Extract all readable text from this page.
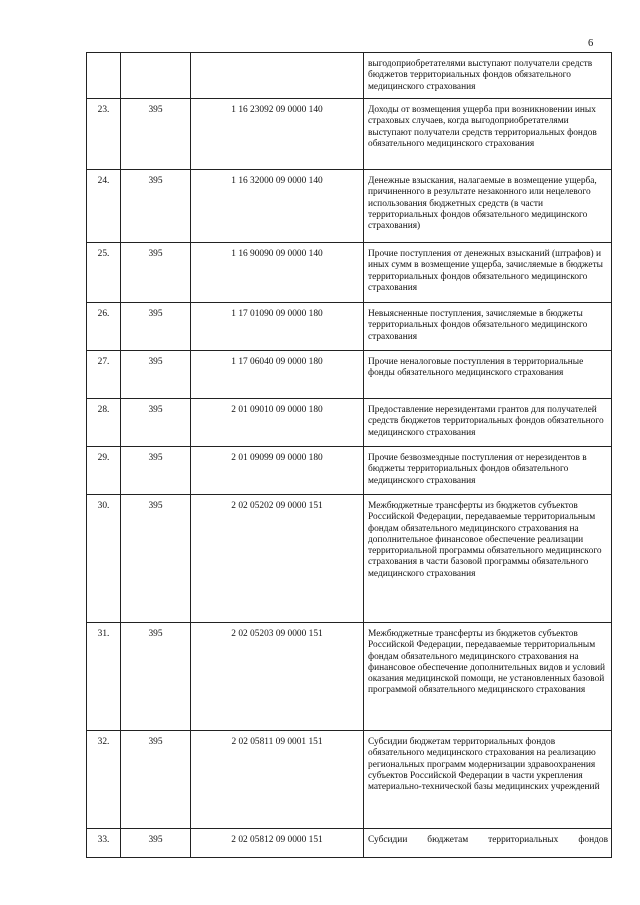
6
			выгодоприобретателями выступают получатели средств бюджетов территориальных фондов обязательного медицинского страхования
23.	395	1 16 23092 09 0000 140	Доходы от возмещения ущерба при возникновении иных страховых случаев, когда выгодоприобретателями выступают получатели средств территориальных фондов обязательного медицинского страхования
24.	395	1 16 32000 09 0000 140	Денежные взыскания, налагаемые в возмещение ущерба, причиненного в результате незаконного или нецелевого использования бюджетных средств (в части территориальных фондов обязательного медицинского страхования)
25.	395	1 16 90090 09 0000 140	Прочие поступления от денежных взысканий (штрафов) и иных сумм в возмещение ущерба, зачисляемые в бюджеты территориальных фондов обязательного медицинского страхования
26.	395	1 17 01090 09 0000 180	Невыясненные поступления, зачисляемые в бюджеты территориальных фондов обязательного медицинского страхования
27.	395	1 17 06040 09 0000 180	Прочие неналоговые поступления в территориальные фонды обязательного медицинского страхования
28.	395	2 01 09010 09 0000 180	Предоставление нерезидентами грантов для получателей средств бюджетов территориальных фондов обязательного медицинского страхования
29.	395	2 01 09099 09 0000 180	Прочие безвозмездные поступления от нерезидентов в бюджеты территориальных фондов обязательного медицинского страхования
30.	395	2 02 05202 09 0000 151	Межбюджетные трансферты из бюджетов субъектов Российской Федерации, передаваемые территориальным фондам обязательного медицинского страхования на дополнительное финансовое обеспечение реализации территориальной программы обязательного медицинского страхования в части базовой программы обязательного медицинского страхования
31.	395	2 02 05203 09 0000 151	Межбюджетные трансферты из бюджетов субъектов Российской Федерации, передаваемые территориальным фондам обязательного медицинского страхования на финансовое обеспечение дополнительных видов и условий оказания медицинской помощи, не установленных базовой программой обязательного медицинского страхования
32.	395	2 02 05811 09 0001 151	Субсидии бюджетам территориальных фондов обязательного медицинского страхования на реализацию региональных программ модернизации здравоохранения субъектов Российской Федерации в части укрепления материально-технической базы медицинских учреждений
33.	395	2 02 05812 09 0000 151	Субсидии бюджетам территориальных фондов
